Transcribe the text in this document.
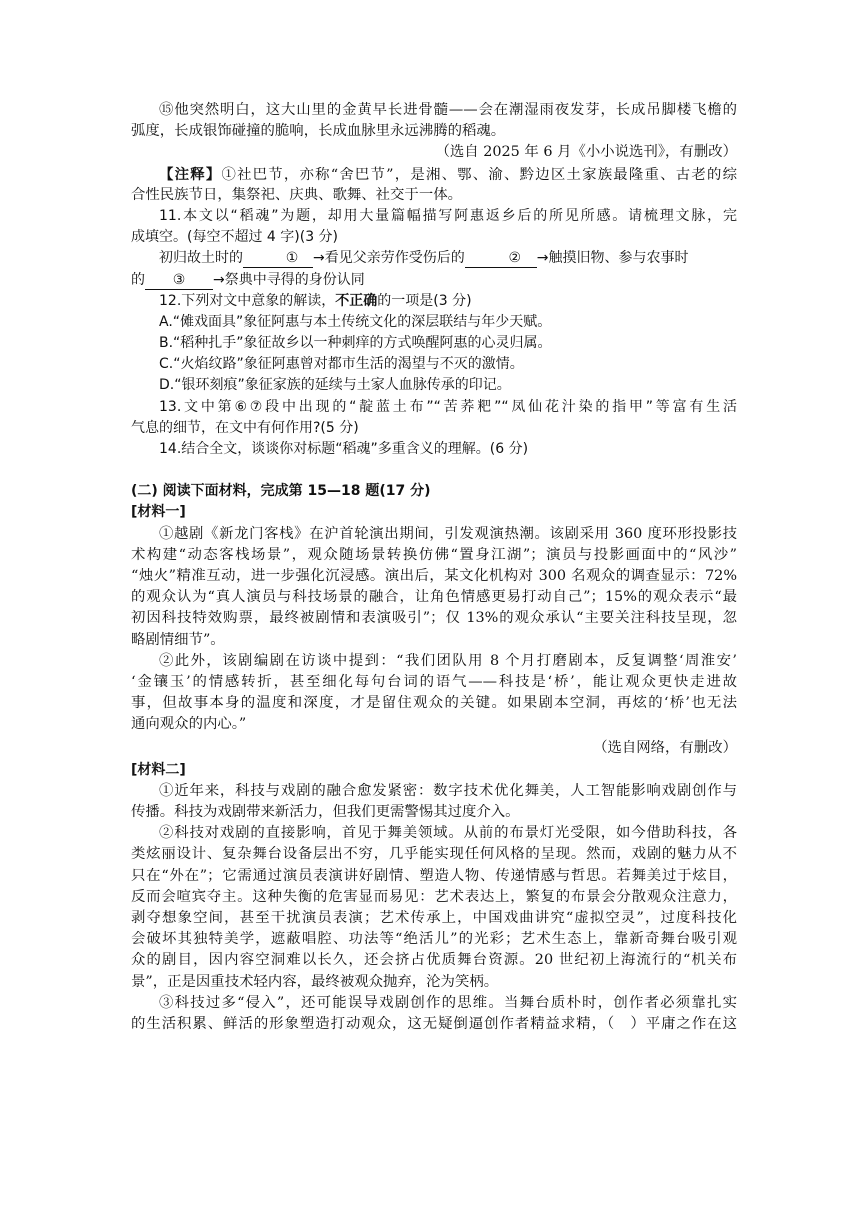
⑮他突然明白，这大山里的金黄早长进骨髓——会在潮湿雨夜发芽，长成吊脚楼飞檐的
弧度，长成银饰碰撞的脆响，长成血脉里永远沸腾的稻魂。
（选自 2025 年 6 月《小小说选刊》，有删改）
【注释】①社巴节，亦称“舍巴节”，是湘、鄂、渝、黔边区土家族最隆重、古老的综
合性民族节日，集祭祀、庆典、歌舞、社交于一体。
11.本文以“稻魂”为题，却用大量篇幅描写阿惠返乡后的所见所感。请梳理文脉，完
成填空。(每空不超过 4 字)(3 分)
初归故土时的	① →看见父亲劳作受伤后的	② →触摸旧物、参与农事时
的 ③ →祭典中寻得的身份认同
12.下列对文中意象的解读，不正确的一项是(3 分)
A.“傩戏面具”象征阿惠与本土传统文化的深层联结与年少天赋。
B.“稻种扎手”象征故乡以一种刺痒的方式唤醒阿惠的心灵归属。
C.“火焰纹路”象征阿惠曾对都市生活的渴望与不灭的激情。
D.“银环刻痕”象征家族的延续与土家人血脉传承的印记。
13.文中第⑥⑦段中出现的“靛蓝土布”“苦荞粑”“凤仙花汁染的指甲”等富有生活
气息的细节，在文中有何作用?(5 分)
14.结合全文，谈谈你对标题“稻魂”多重含义的理解。(6 分)
(二) 阅读下面材料，完成第 15—18 题(17 分)
[材料一]
①越剧《新龙门客栈》在沪首轮演出期间，引发观演热潮。该剧采用 360 度环形投影技
术构建“动态客栈场景”，观众随场景转换仿佛“置身江湖”；演员与投影画面中的“风沙”
“烛火”精准互动，进一步强化沉浸感。演出后，某文化机构对 300 名观众的调查显示：72%
的观众认为“真人演员与科技场景的融合，让角色情感更易打动自己”；15%的观众表示“最
初因科技特效购票，最终被剧情和表演吸引”；仅 13%的观众承认“主要关注科技呈现，忽
略剧情细节”。
②此外，该剧编剧在访谈中提到：“我们团队用 8 个月打磨剧本，反复调整‘周淮安’
‘金镶玉’的情感转折，甚至细化每句台词的语气——科技是‘桥’，能让观众更快走进故
事，但故事本身的温度和深度，才是留住观众的关键。如果剧本空洞，再炫的‘桥’也无法
通向观众的内心。”
（选自网络，有删改）
[材料二]
①近年来，科技与戏剧的融合愈发紧密：数字技术优化舞美，人工智能影响戏剧创作与
传播。科技为戏剧带来新活力，但我们更需警惕其过度介入。
②科技对戏剧的直接影响，首见于舞美领域。从前的布景灯光受限，如今借助科技，各
类炫丽设计、复杂舞台设备层出不穷，几乎能实现任何风格的呈现。然而，戏剧的魅力从不
只在“外在”；它需通过演员表演讲好剧情、塑造人物、传递情感与哲思。若舞美过于炫目，
反而会喧宾夺主。这种失衡的危害显而易见：艺术表达上，繁复的布景会分散观众注意力，
剥夺想象空间，甚至干扰演员表演；艺术传承上，中国戏曲讲究“虚拟空灵”，过度科技化
会破坏其独特美学，遮蔽唱腔、功法等“绝活儿”的光彩；艺术生态上，靠新奇舞台吸引观
众的剧目，因内容空洞难以长久，还会挤占优质舞台资源。20 世纪初上海流行的“机关布
景”，正是因重技术轻内容，最终被观众抛弃，沦为笑柄。
③科技过多“侵入”，还可能误导戏剧创作的思维。当舞台质朴时，创作者必须靠扎实
的生活积累、鲜活的形象塑造打动观众，这无疑倒逼创作者精益求精，（　）平庸之作在这
